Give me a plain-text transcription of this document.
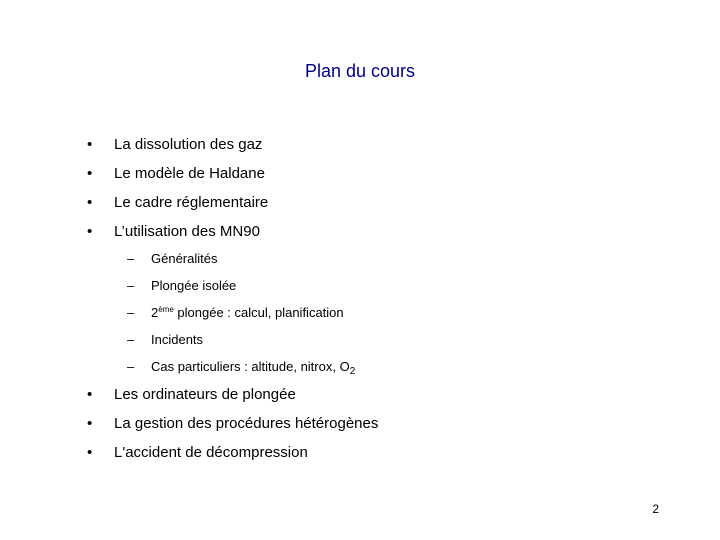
Plan du cours
• La dissolution des gaz
• Le modèle de Haldane
• Le cadre réglementaire
• L’utilisation des MN90
– Généralités
– Plongée isolée
– 2ème plongée : calcul, planification
– Incidents
– Cas particuliers : altitude, nitrox, $O_2$
• Les ordinateurs de plongée
• La gestion des procédures hétérogènes
• L'accident de décompression
2
